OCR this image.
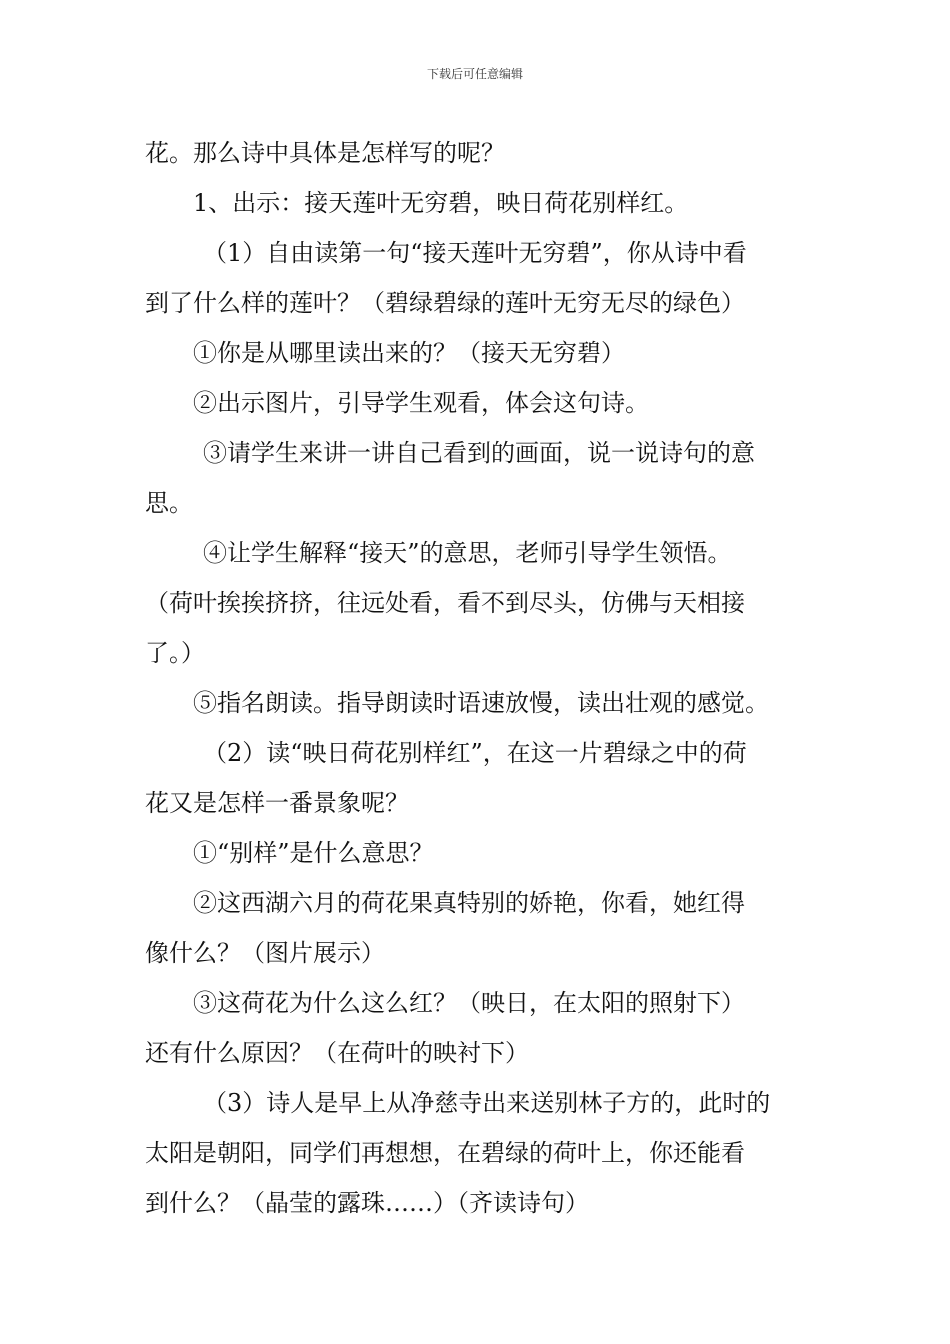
下载后可任意编辑
花。那么诗中具体是怎样写的呢？
1、出示：接天莲叶无穷碧，映日荷花别样红。
（1）自由读第一句“接天莲叶无穷碧”，你从诗中看
到了什么样的莲叶？（碧绿碧绿的莲叶无穷无尽的绿色）
①你是从哪里读出来的？（接天无穷碧）
②出示图片，引导学生观看，体会这句诗。
③请学生来讲一讲自己看到的画面，说一说诗句的意
思。
④让学生解释“接天”的意思，老师引导学生领悟。
（荷叶挨挨挤挤，往远处看，看不到尽头，仿佛与天相接
了。）
⑤指名朗读。指导朗读时语速放慢，读出壮观的感觉。
（2）读“映日荷花别样红”，在这一片碧绿之中的荷
花又是怎样一番景象呢？
①“别样”是什么意思？
②这西湖六月的荷花果真特别的娇艳，你看，她红得
像什么？（图片展示）
③这荷花为什么这么红？（映日，在太阳的照射下）
还有什么原因？（在荷叶的映衬下）
（3）诗人是早上从净慈寺出来送别林子方的，此时的
太阳是朝阳，同学们再想想，在碧绿的荷叶上，你还能看
到什么？（晶莹的露珠……）（齐读诗句）
